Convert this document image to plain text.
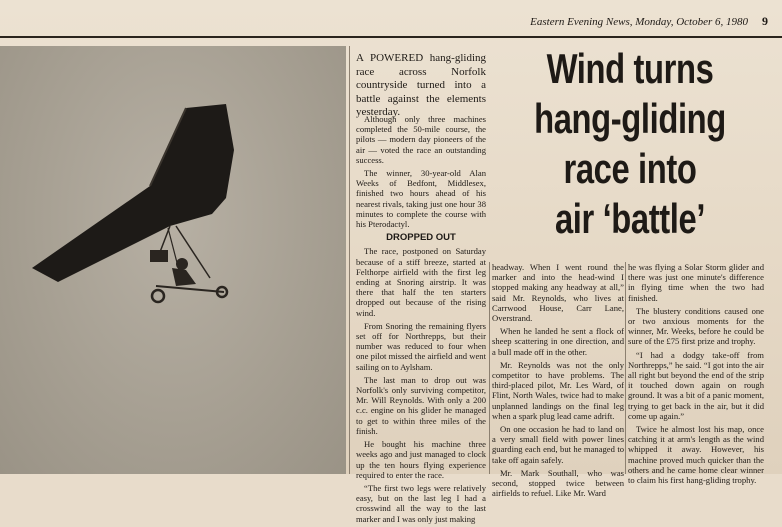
Eastern Evening News, Monday, October 6, 1980 9
A POWERED hang-gliding race across Norfolk countryside turned into a battle against the elements yesterday.
Wind turns
hang-gliding
race into
air ‘battle’

Although only three machines completed the 50-mile course, the pilots — modern day pioneers of the air — voted the race an outstanding success.

The winner, 30-year-old Alan Weeks of Bedfont, Middlesex, finished two hours ahead of his nearest rivals, taking just one hour 38 minutes to complete the course with his Pterodactyl.

DROPPED OUT

The race, postponed on Saturday because of a stiff breeze, started at Felthorpe airfield with the first leg ending at Snoring airstrip. It was there that half the ten starters dropped out because of the rising wind.

From Snoring the remaining flyers set off for Northrepps, but their number was reduced to four when one pilot missed the airfield and went sailing on to Aylsham.

The last man to drop out was Norfolk's only surviving competitor, Mr. Will Reynolds. With only a 200 c.c. engine on his glider he managed to get to within three miles of the finish.

He bought his machine three weeks ago and just managed to clock up the ten hours flying experience required to enter the race.

“The first two legs were relatively easy, but on the last leg I had a crosswind all the way to the last marker and I was only just making

headway. When I went round the marker and into the head-wind I stopped making any headway at all,” said Mr. Reynolds, who lives at Carrwood House, Carr Lane, Overstrand.

When he landed he sent a flock of sheep scattering in one direction, and a bull made off in the other.

Mr. Reynolds was not the only competitor to have problems. The third-placed pilot, Mr. Les Ward, of Flint, North Wales, twice had to make unplanned landings on the final leg when a spark plug lead came adrift.

On one occasion he had to land on a very small field with power lines guarding each end, but he managed to take off again safely.

Mr. Mark Southall, who was second, stopped twice between airfields to refuel. Like Mr. Ward

he was flying a Solar Storm glider and there was just one minute's difference in flying time when the two had finished.

The blustery conditions caused one or two anxious moments for the winner, Mr. Weeks, before he could be sure of the £75 first prize and trophy.

“I had a dodgy take-off from Northrepps,” he said. “I got into the air all right but beyond the end of the strip it touched down again on rough ground. It was a bit of a panic moment, trying to get back in the air, but it did come up again.”

Twice he almost lost his map, once catching it at arm's length as the wind whipped it away. However, his machine proved much quicker than the others and he came home clear winner to claim his first hang-gliding trophy.
